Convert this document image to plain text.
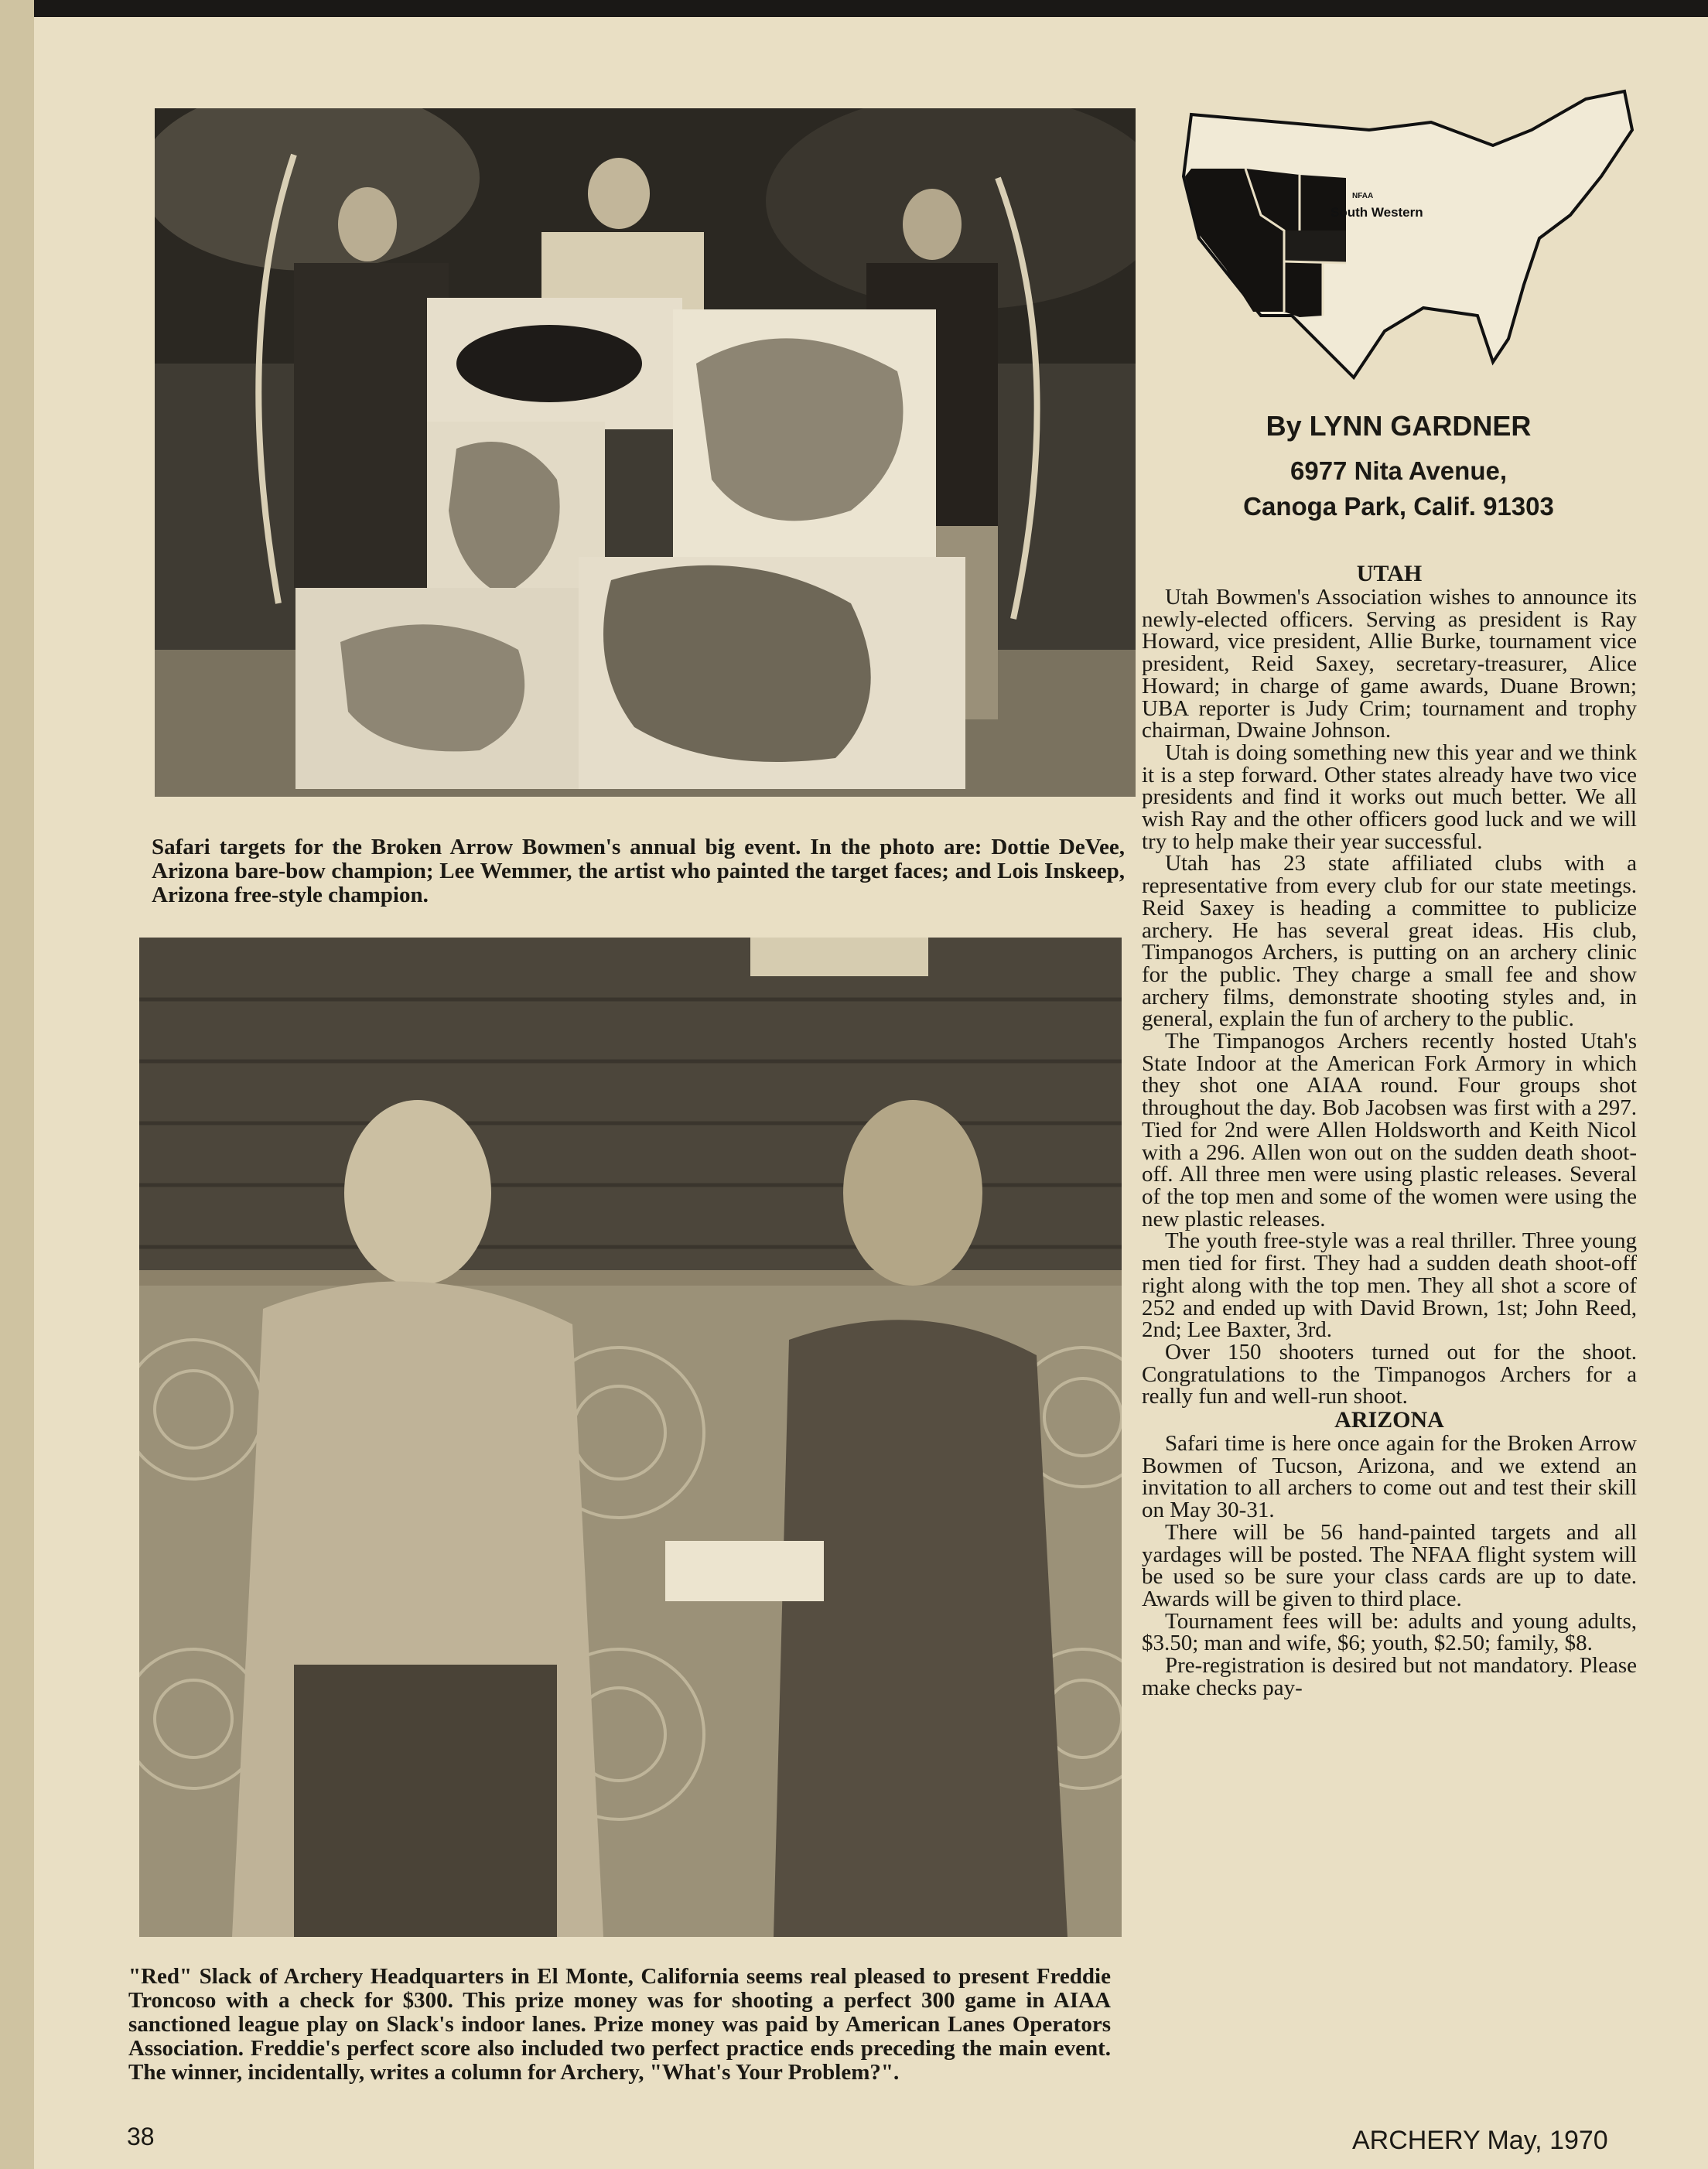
Safari targets for the Broken Arrow Bowmen's annual big event. In the photo are: Dottie DeVee, Arizona bare-bow champion; Lee Wemmer, the artist who painted the target faces; and Lois Inskeep, Arizona free-style champion.
"Red" Slack of Archery Headquarters in El Monte, California seems real pleased to present Freddie Troncoso with a check for $300. This prize money was for shooting a perfect 300 game in AIAA sanctioned league play on Slack's indoor lanes. Prize money was paid by American Lanes Operators Association. Freddie's perfect score also included two perfect practice ends preceding the main event. The winner, incidentally, writes a column for Archery, "What's Your Problem?".
NFAA
South Western
By LYNN GARDNER
6977 Nita Avenue,
Canoga Park, Calif. 91303

UTAH

Utah Bowmen's Association wishes to announce its newly-elected officers. Serving as president is Ray Howard, vice president, Allie Burke, tournament vice president, Reid Saxey, secretary-treasurer, Alice Howard; in charge of game awards, Duane Brown; UBA reporter is Judy Crim; tournament and trophy chairman, Dwaine Johnson.

Utah is doing something new this year and we think it is a step forward. Other states already have two vice presidents and find it works out much better. We all wish Ray and the other officers good luck and we will try to help make their year successful.

Utah has 23 state affiliated clubs with a representative from every club for our state meetings. Reid Saxey is heading a committee to publicize archery. He has several great ideas. His club, Timpanogos Archers, is putting on an archery clinic for the public. They charge a small fee and show archery films, demonstrate shooting styles and, in general, explain the fun of archery to the public.

The Timpanogos Archers recently hosted Utah's State Indoor at the American Fork Armory in which they shot one AIAA round. Four groups shot throughout the day. Bob Jacobsen was first with a 297. Tied for 2nd were Allen Holdsworth and Keith Nicol with a 296. Allen won out on the sudden death shoot-off. All three men were using plastic releases. Several of the top men and some of the women were using the new plastic releases.

The youth free-style was a real thriller. Three young men tied for first. They had a sudden death shoot-off right along with the top men. They all shot a score of 252 and ended up with David Brown, 1st; John Reed, 2nd; Lee Baxter, 3rd.

Over 150 shooters turned out for the shoot. Congratulations to the Timpanogos Archers for a really fun and well-run shoot.

ARIZONA

Safari time is here once again for the Broken Arrow Bowmen of Tucson, Arizona, and we extend an invitation to all archers to come out and test their skill on May 30-31.

There will be 56 hand-painted targets and all yardages will be posted. The NFAA flight system will be used so be sure your class cards are up to date. Awards will be given to third place.

Tournament fees will be: adults and young adults, $3.50; man and wife, $6; youth, $2.50; family, $8.

Pre-registration is desired but not mandatory. Please make checks pay-

38	ARCHERY May, 1970
